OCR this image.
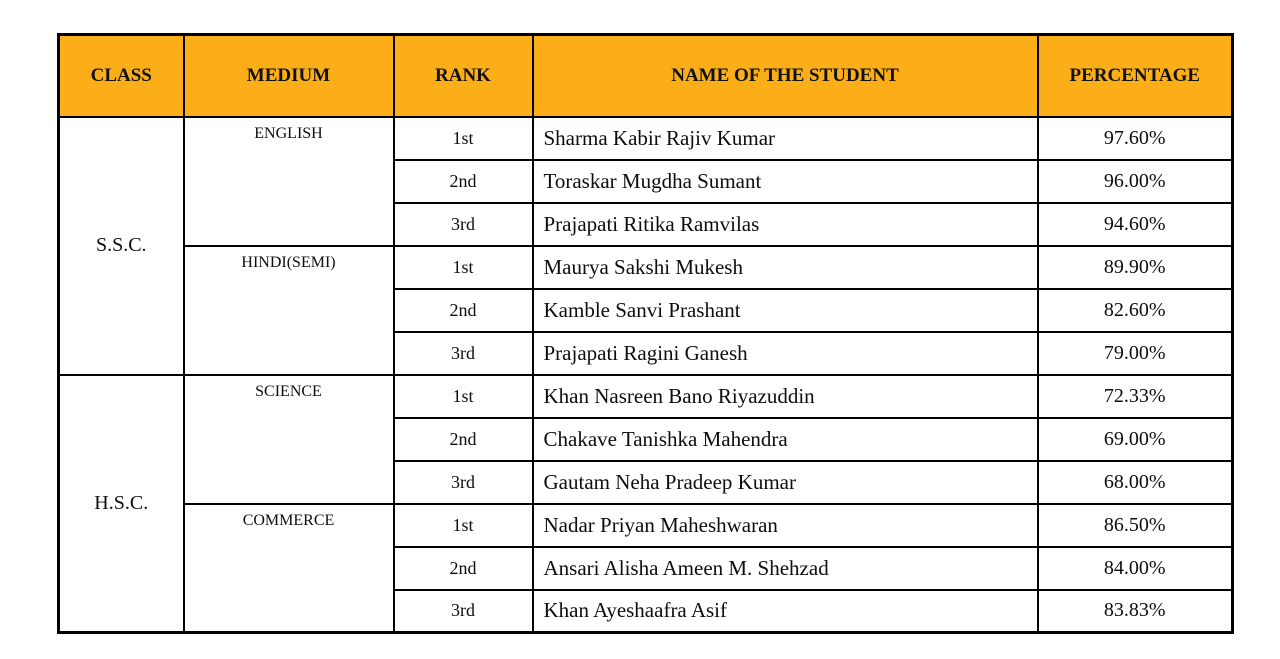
CLASS	MEDIUM	RANK	NAME OF THE STUDENT	PERCENTAGE
S.S.C.	ENGLISH	1st	Sharma Kabir Rajiv Kumar	97.60%
		2nd	Toraskar Mugdha Sumant	96.00%
		3rd	Prajapati Ritika Ramvilas	94.60%
	HINDI(SEMI)	1st	Maurya Sakshi Mukesh	89.90%
		2nd	Kamble Sanvi Prashant	82.60%
		3rd	Prajapati Ragini Ganesh	79.00%
H.S.C.	SCIENCE	1st	Khan Nasreen Bano Riyazuddin	72.33%
		2nd	Chakave Tanishka Mahendra	69.00%
		3rd	Gautam Neha Pradeep Kumar	68.00%
	COMMERCE	1st	Nadar Priyan Maheshwaran	86.50%
		2nd	Ansari Alisha Ameen M. Shehzad	84.00%
		3rd	Khan Ayeshaafra Asif	83.83%
